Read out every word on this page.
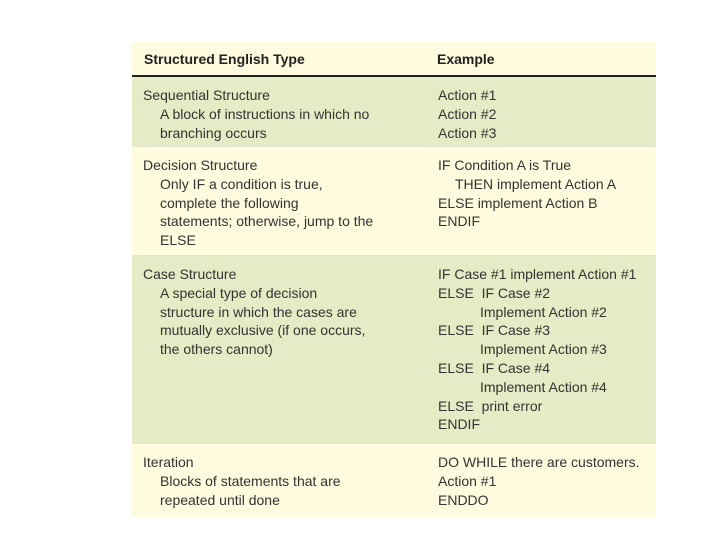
Structured English Type	Example
Sequential Structure
A block of instructions in which no
branching occurs
Action #1
Action #2
Action #3
Decision Structure
Only IF a condition is true,
complete the following
statements; otherwise, jump to the
ELSE
IF Condition A is True
THEN implement Action A
ELSE implement Action B
ENDIF
Case Structure
A special type of decision
structure in which the cases are
mutually exclusive (if one occurs,
the others cannot)
IF Case #1 implement Action #1
ELSE  IF Case #2
Implement Action #2
ELSE  IF Case #3
Implement Action #3
ELSE  IF Case #4
Implement Action #4
ELSE  print error
ENDIF
Iteration
Blocks of statements that are
repeated until done
DO WHILE there are customers.
Action #1
ENDDO
